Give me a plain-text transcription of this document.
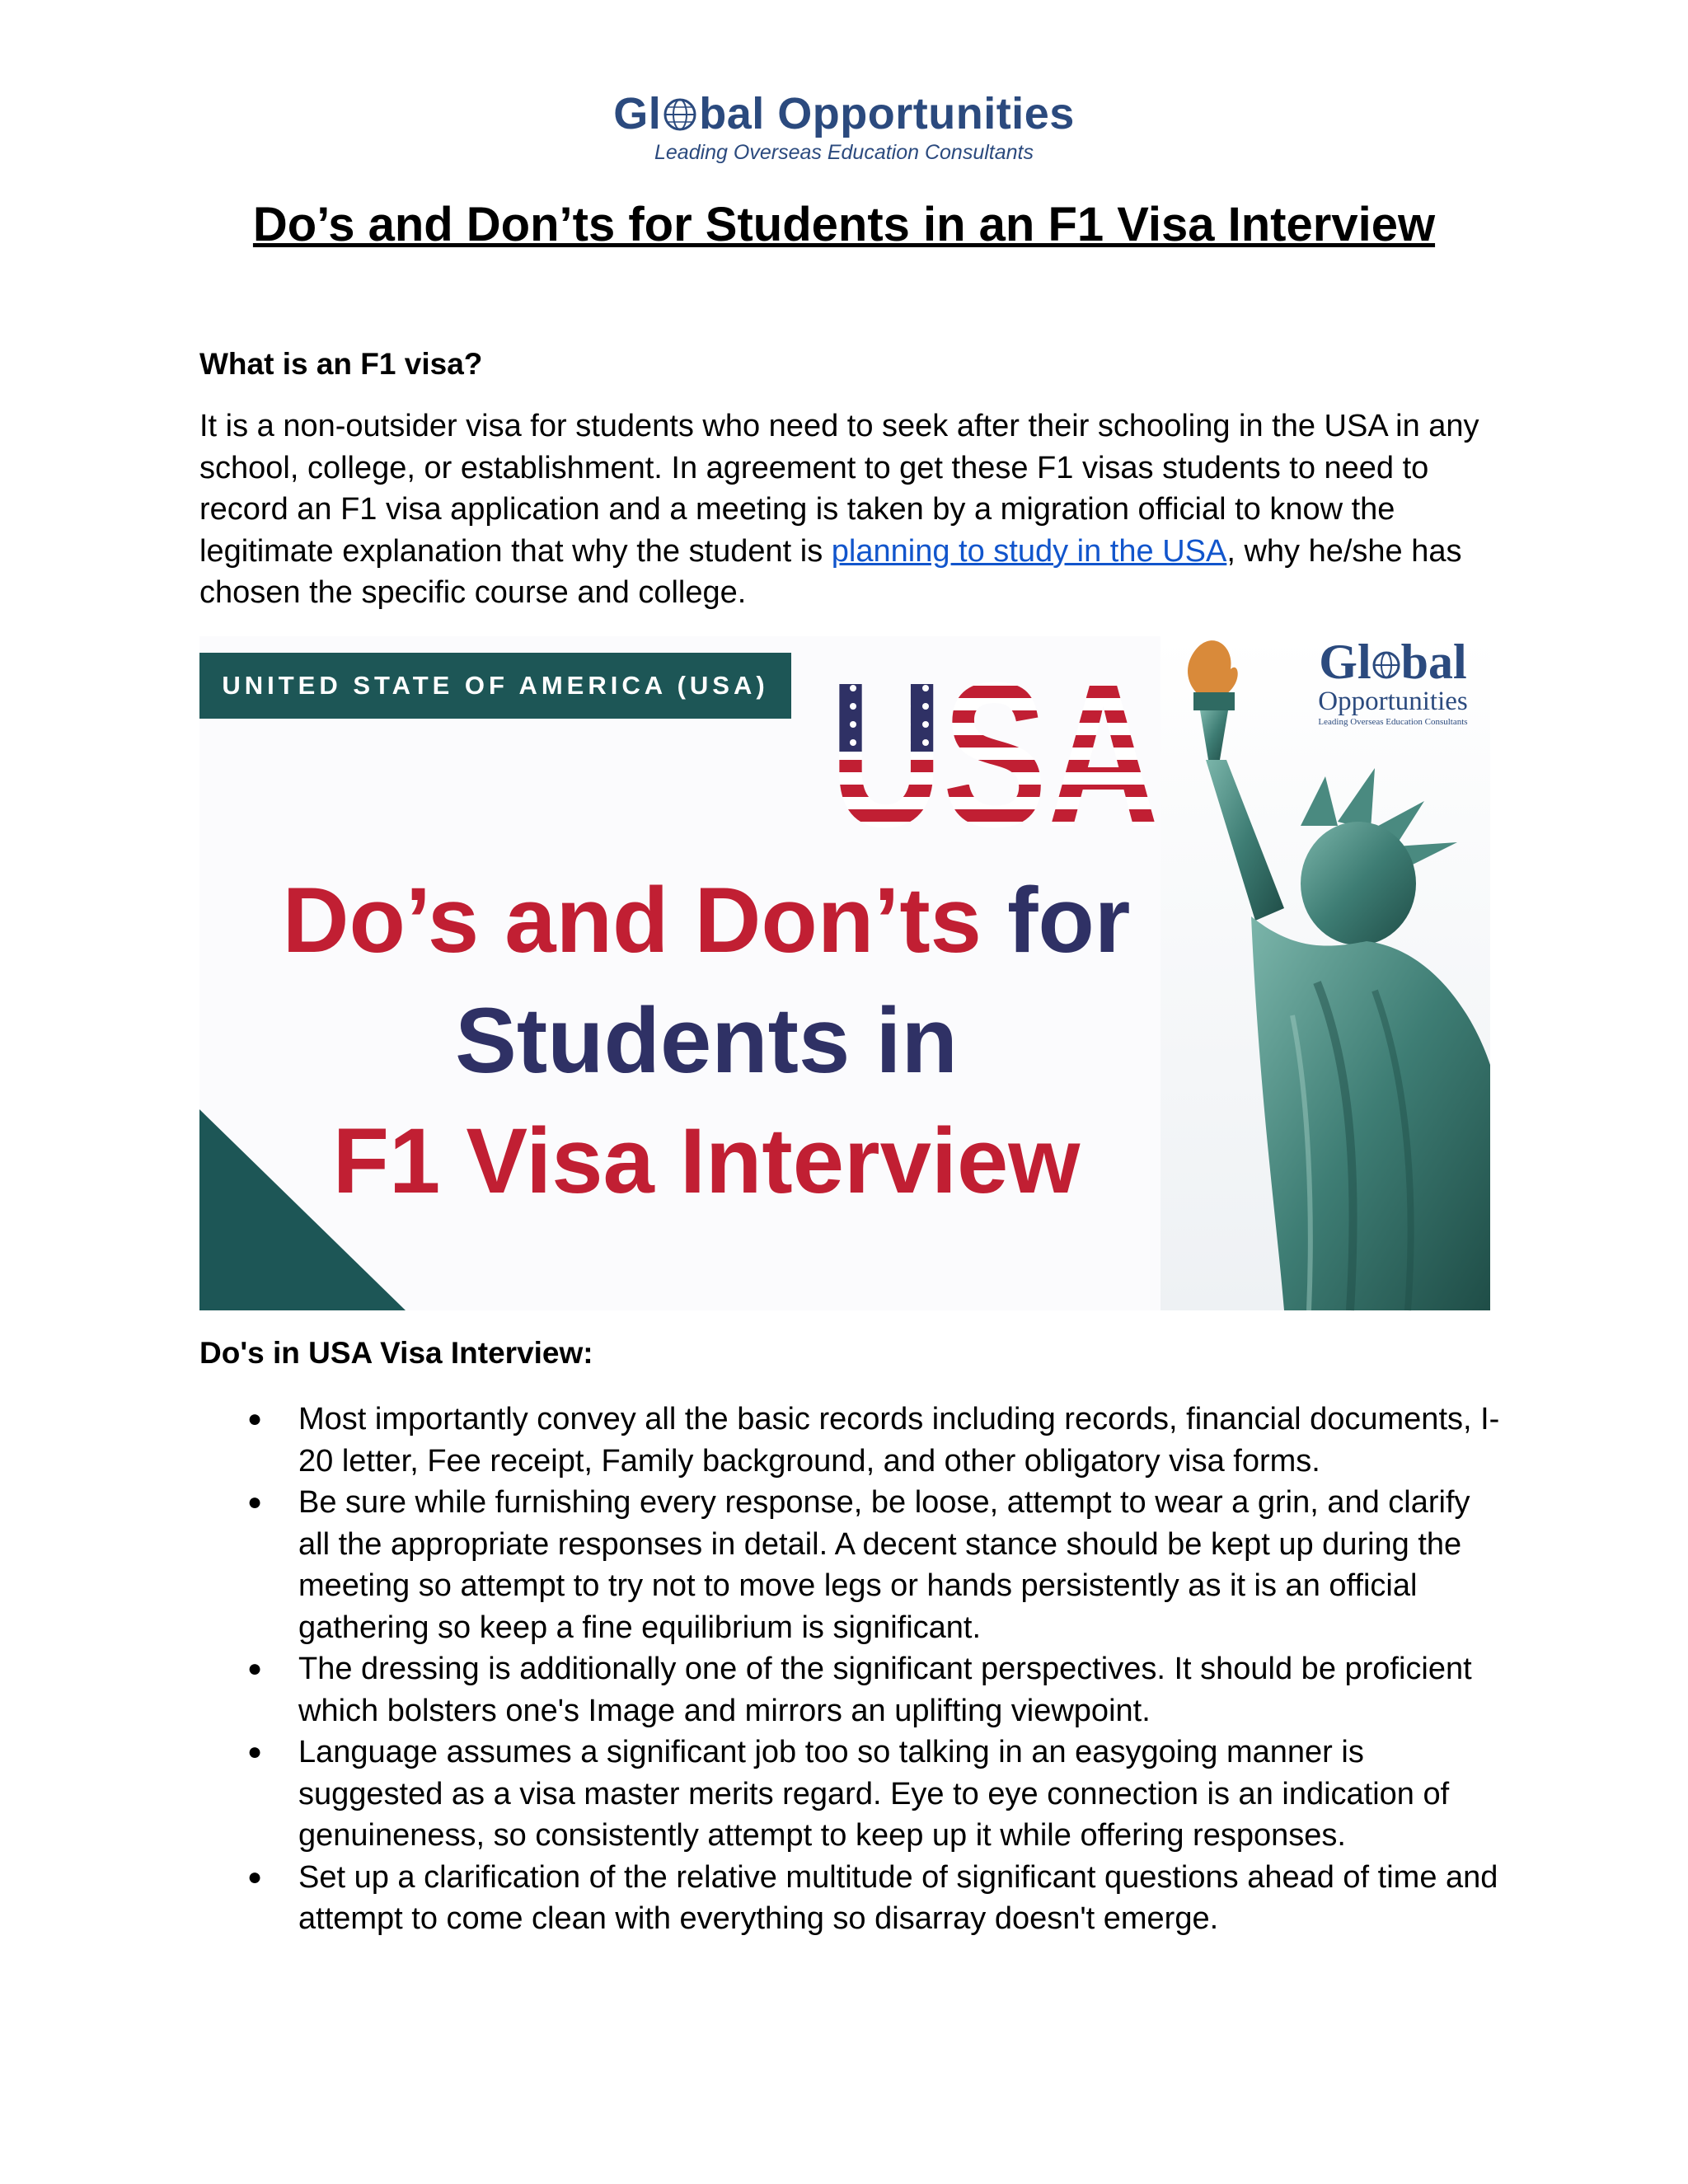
Gl bal Opportunities
Leading Overseas Education Consultants
Do’s and Don’ts for Students in an F1 Visa Interview
What is an F1 visa?

It is a non-outsider visa for students who need to seek after their schooling in the USA in any school, college, or establishment. In agreement to get these F1 visas students to need to record an F1 visa application and a meeting is taken by a migration official to know the legitimate explanation that why the student is planning to study in the USA, why he/she has chosen the specific course and college.

UNITED STATE OF AMERICA (USA)
Do’s and Don’ts for
Students in
F1 Visa Interview
Gl bal
Opportunities
Leading Overseas Education Consultants
Do's in USA Visa Interview:
● Most importantly convey all the basic records including records, financial documents, I-20 letter, Fee receipt, Family background, and other obligatory visa forms.
● Be sure while furnishing every response, be loose, attempt to wear a grin, and clarify all the appropriate responses in detail. A decent stance should be kept up during the meeting so attempt to try not to move legs or hands persistently as it is an official gathering so keep a fine equilibrium is significant.
● The dressing is additionally one of the significant perspectives. It should be proficient which bolsters one's Image and mirrors an uplifting viewpoint.
● Language assumes a significant job too so talking in an easygoing manner is suggested as a visa master merits regard. Eye to eye connection is an indication of genuineness, so consistently attempt to keep up it while offering responses.
● Set up a clarification of the relative multitude of significant questions ahead of time and attempt to come clean with everything so disarray doesn't emerge.
